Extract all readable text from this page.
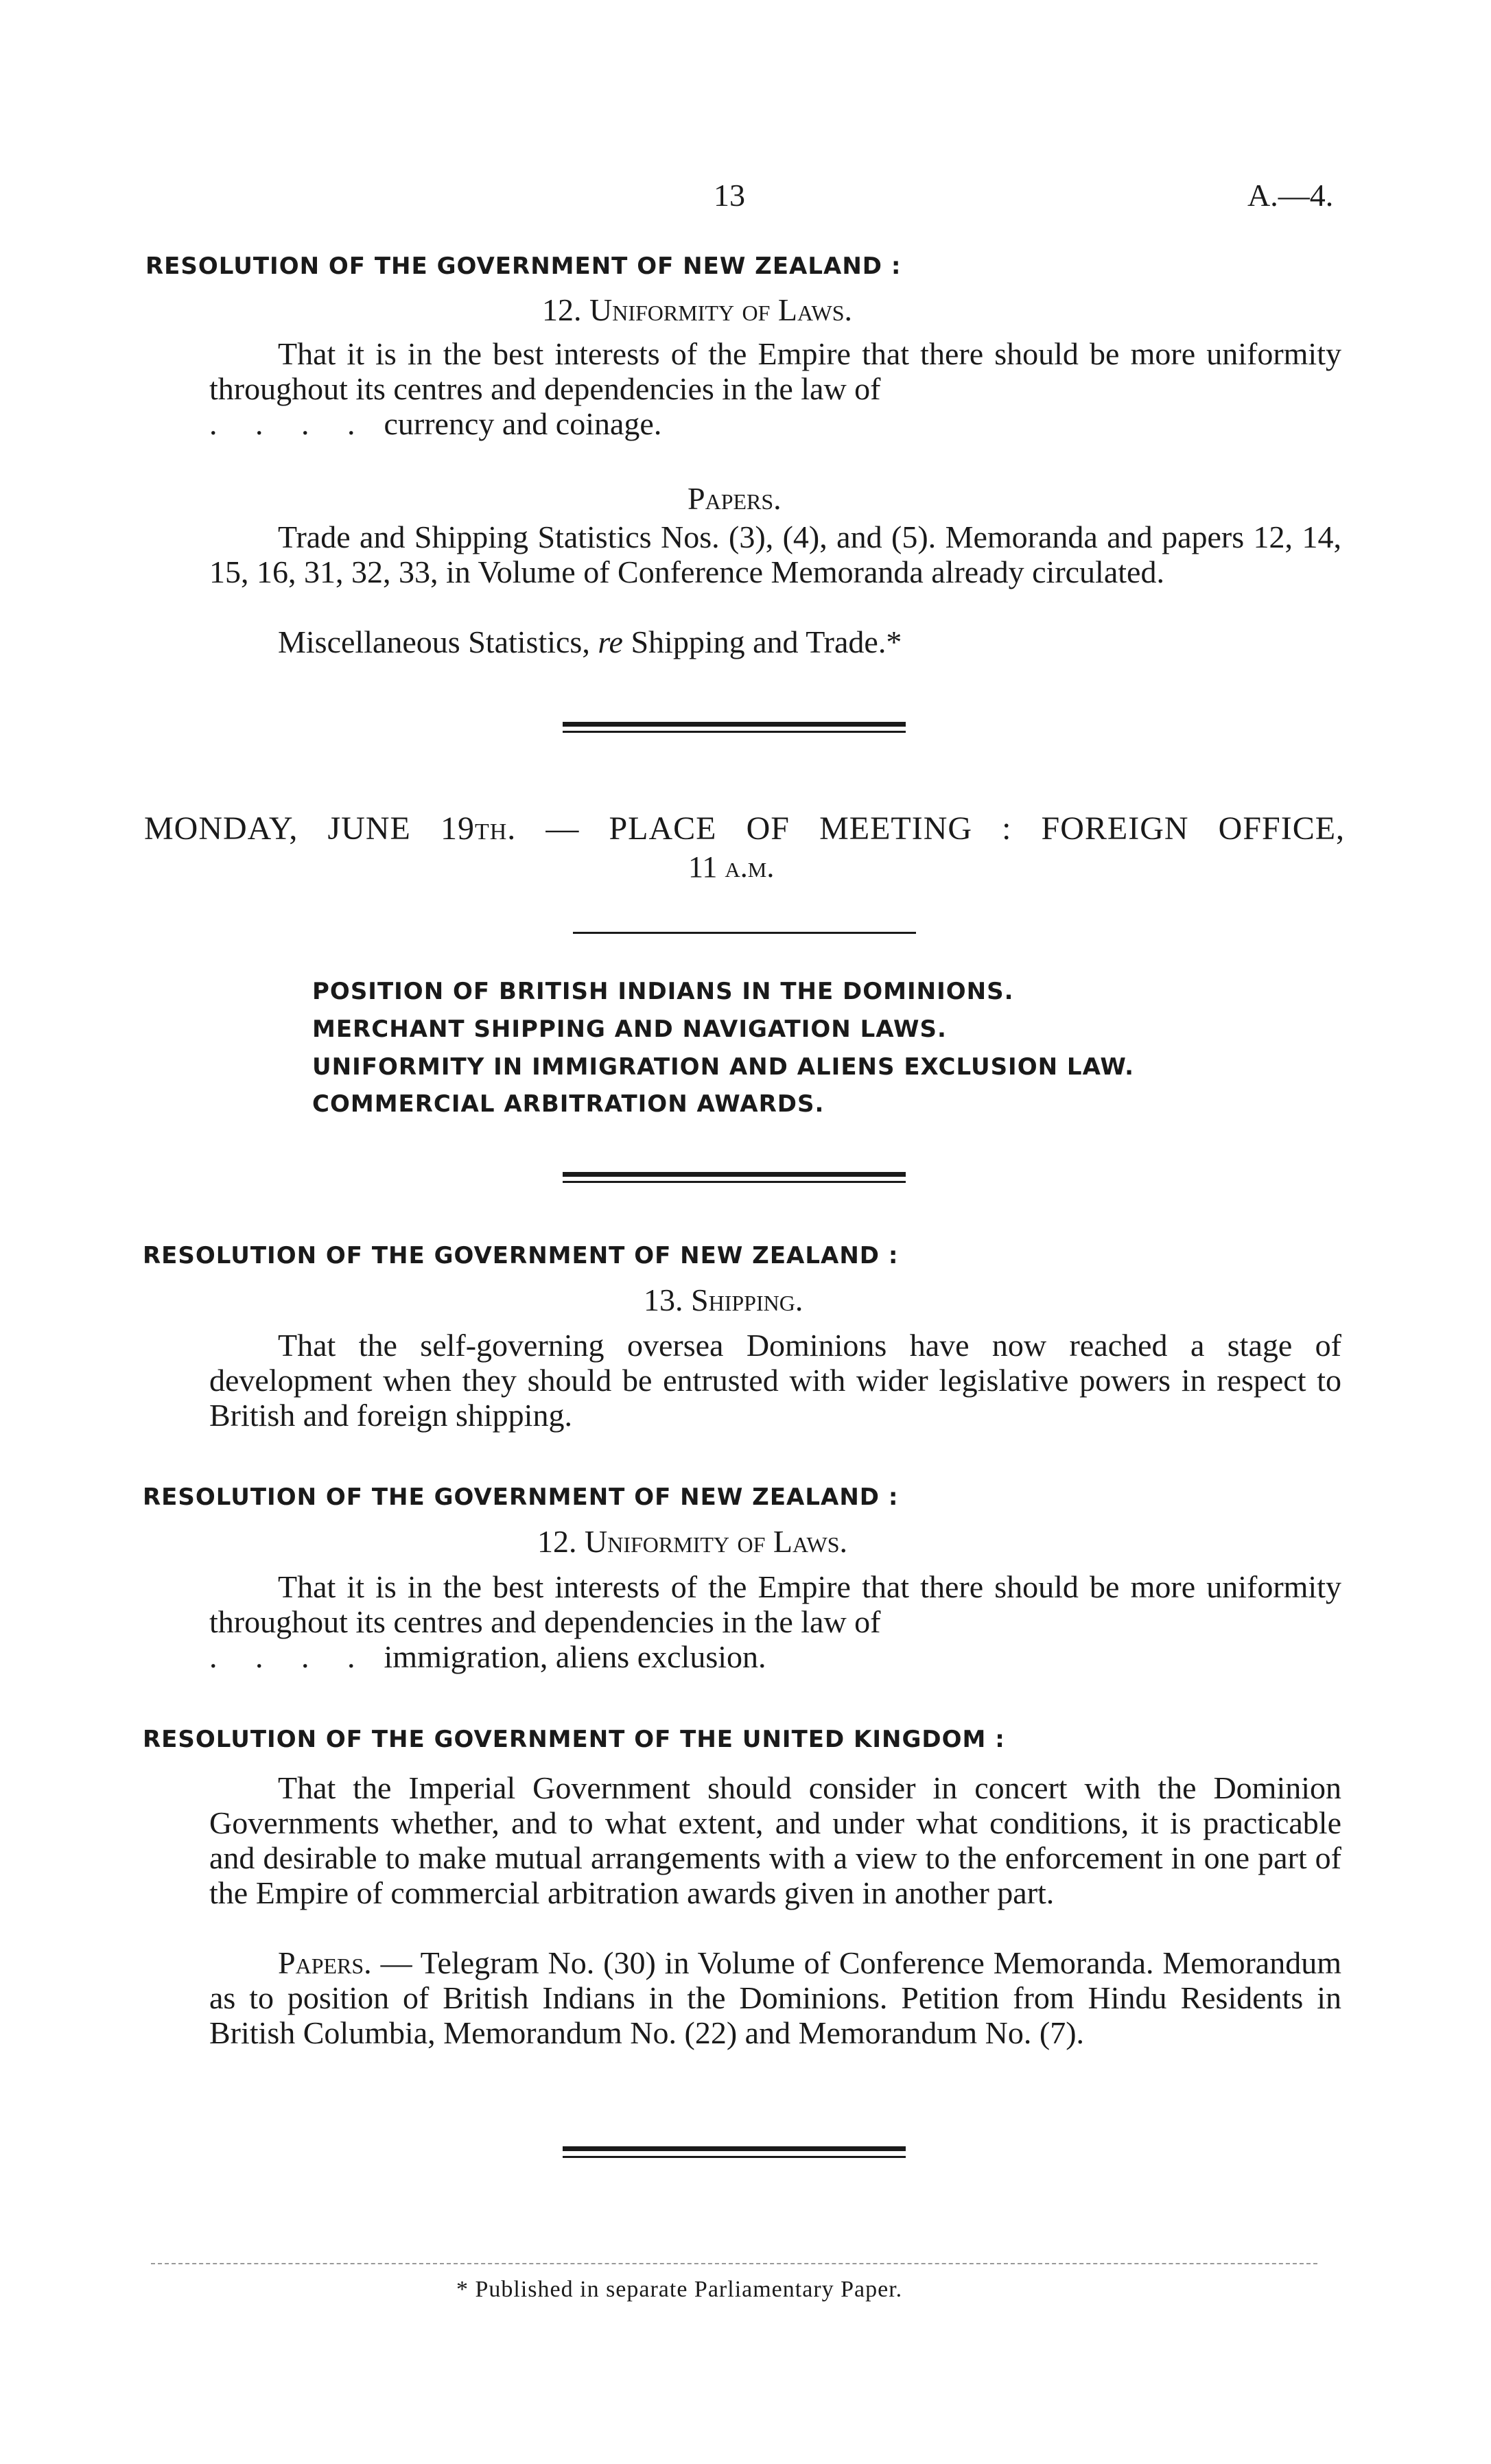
13	A.—4.
RESOLUTION OF THE GOVERNMENT OF NEW ZEALAND :
12. Uniformity of Laws.
That it is in the best interests of the Empire that there should be more uniformity throughout its centres and dependencies in the law of
. . . . currency and coinage.
Papers.
Trade and Shipping Statistics Nos. (3), (4), and (5). Memoranda and papers 12, 14, 15, 16, 31, 32, 33, in Volume of Conference Memoranda already circulated.
Miscellaneous Statistics, re Shipping and Trade.*
MONDAY, JUNE 19th. — PLACE OF MEETING : FOREIGN OFFICE,
11 a.m.
POSITION OF BRITISH INDIANS IN THE DOMINIONS.
MERCHANT SHIPPING AND NAVIGATION LAWS.
UNIFORMITY IN IMMIGRATION AND ALIENS EXCLUSION LAW.
COMMERCIAL ARBITRATION AWARDS.
RESOLUTION OF THE GOVERNMENT OF NEW ZEALAND :
13. Shipping.
That the self-governing oversea Dominions have now reached a stage of development when they should be entrusted with wider legislative powers in respect to British and foreign shipping.
RESOLUTION OF THE GOVERNMENT OF NEW ZEALAND :
12. Uniformity of Laws.
That it is in the best interests of the Empire that there should be more uniformity throughout its centres and dependencies in the law of
. . . . immigration, aliens exclusion.
RESOLUTION OF THE GOVERNMENT OF THE UNITED KINGDOM :
That the Imperial Government should consider in concert with the Dominion Governments whether, and to what extent, and under what conditions, it is practicable and desirable to make mutual arrangements with a view to the enforcement in one part of the Empire of commercial arbitration awards given in another part.
Papers. — Telegram No. (30) in Volume of Conference Memoranda. Memorandum as to position of British Indians in the Dominions. Petition from Hindu Residents in British Columbia, Memorandum No. (22) and Memorandum No. (7).
* Published in separate Parliamentary Paper.
